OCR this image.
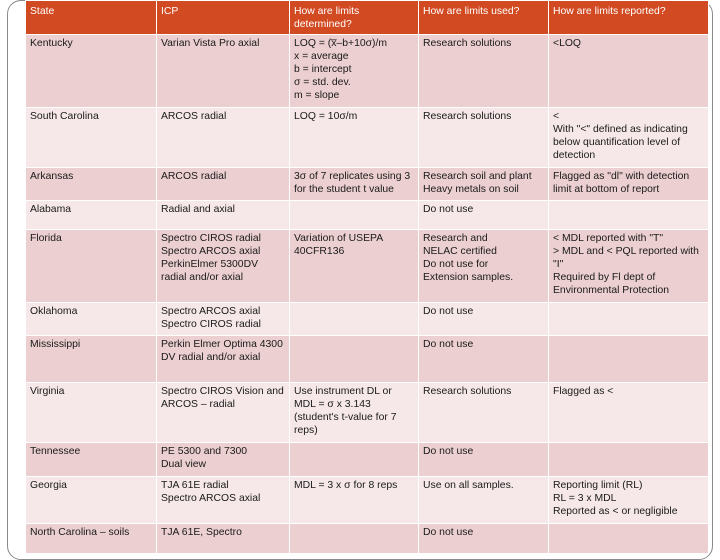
State	ICP	How are limits determined?	How are limits used?	How are limits reported?
Kentucky	Varian Vista Pro axial	LOQ = (x̅–b+10σ)/m
x = average
b = intercept
σ = std. dev.
m = slope	Research solutions	<LOQ
South Carolina	ARCOS radial	LOQ = 10σ/m	Research solutions	<
With "<" defined as indicating below quantification level of detection
Arkansas	ARCOS radial	3σ of 7 replicates using 3 for the student t value	Research soil and plant
Heavy metals on soil	Flagged as "dl" with detection limit at bottom of report
Alabama	Radial and axial		Do not use	
Florida	Spectro CIROS radial
Spectro ARCOS axial
PerkinElmer 5300DV radial and/or axial	Variation of USEPA 40CFR136	Research and
NELAC certified
Do not use for
Extension samples.	< MDL reported with "T"
> MDL and < PQL reported with "I"
Required by Fl dept of Environmental Protection
Oklahoma	Spectro ARCOS axial
Spectro CIROS radial		Do not use	
Mississippi	Perkin Elmer Optima 4300 DV radial and/or axial		Do not use	
Virginia	Spectro CIROS Vision and ARCOS – radial	Use instrument DL or MDL = σ x 3.143 (student's t-value for 7 reps)	Research solutions	Flagged as <
Tennessee	PE 5300 and 7300
Dual view		Do not use	
Georgia	TJA 61E radial
Spectro ARCOS axial	MDL = 3 x σ for 8 reps	Use on all samples.	Reporting limit (RL)
RL = 3 x MDL
Reported as < or negligible
North Carolina – soils	TJA 61E, Spectro		Do not use	
